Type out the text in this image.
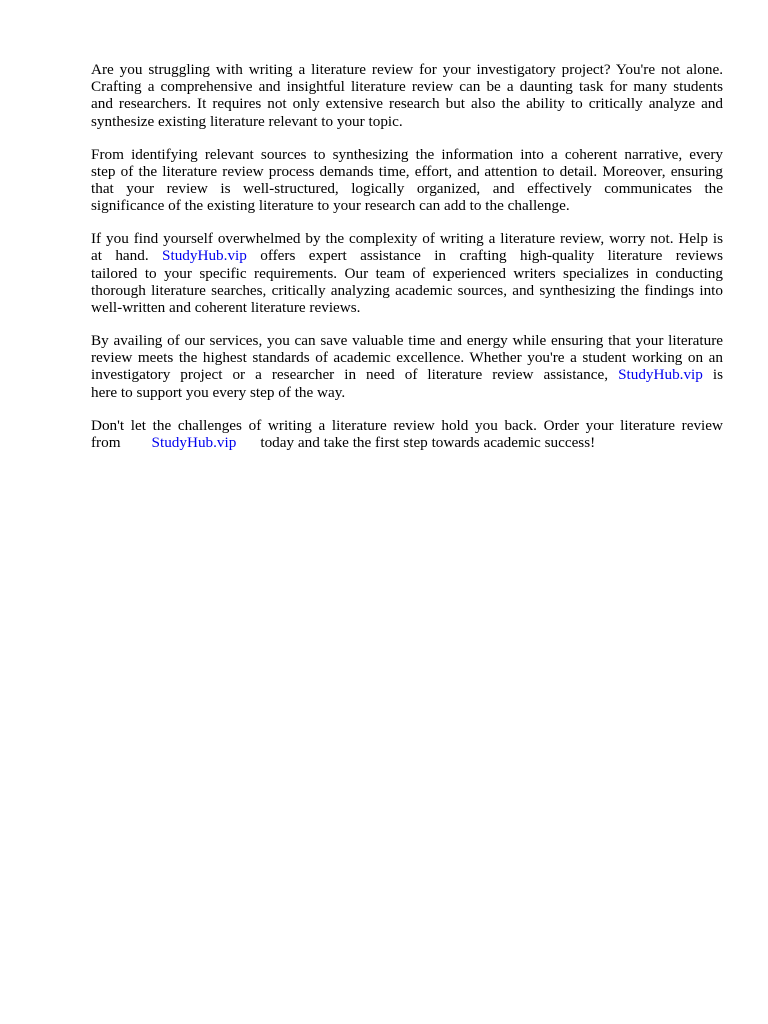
Are you struggling with writing a literature review for your investigatory project? You're not alone.
Crafting a comprehensive and insightful literature review can be a daunting task for many students
and researchers. It requires not only extensive research but also the ability to critically analyze and
synthesize existing literature relevant to your topic.
From identifying relevant sources to synthesizing the information into a coherent narrative, every
step of the literature review process demands time, effort, and attention to detail. Moreover, ensuring
that your review is well-structured, logically organized, and effectively communicates the
significance of the existing literature to your research can add to the challenge.
If you find yourself overwhelmed by the complexity of writing a literature review, worry not. Help is
at hand. StudyHub.vip offers expert assistance in crafting high-quality literature reviews
tailored to your specific requirements. Our team of experienced writers specializes in conducting
thorough literature searches, critically analyzing academic sources, and synthesizing the findings into
well-written and coherent literature reviews.
By availing of our services, you can save valuable time and energy while ensuring that your literature
review meets the highest standards of academic excellence. Whether you're a student working on an
investigatory project or a researcher in need of literature review assistance, StudyHub.vip is
here to support you every step of the way.
Don't let the challenges of writing a literature review hold you back. Order your literature review
from StudyHub.vip today and take the first step towards academic success!
